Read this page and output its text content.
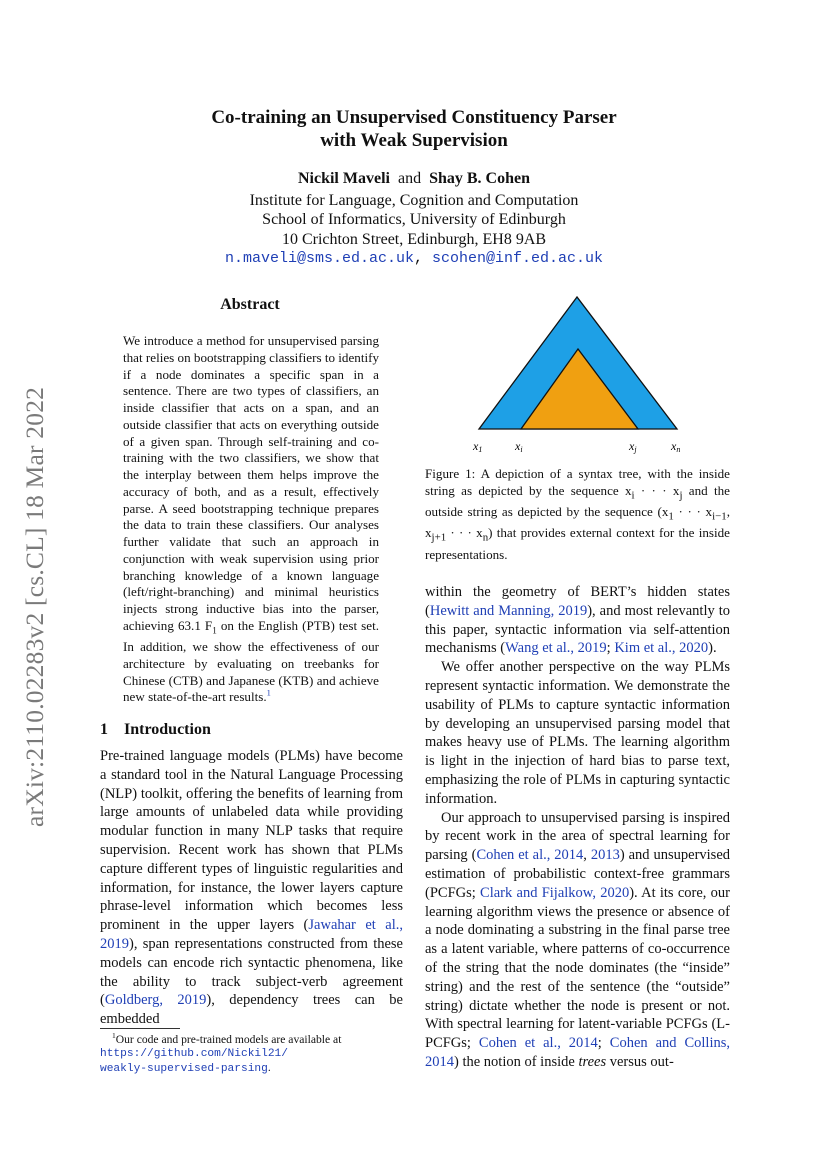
arXiv:2110.02283v2 [cs.CL] 18 Mar 2022
Co-training an Unsupervised Constituency Parser
with Weak Supervision
Nickil Maveli and Shay B. Cohen
Institute for Language, Cognition and Computation
School of Informatics, University of Edinburgh
10 Crichton Street, Edinburgh, EH8 9AB
n.maveli@sms.ed.ac.uk, scohen@inf.ed.ac.uk
Abstract
We introduce a method for unsupervised parsing that relies on bootstrapping classifiers to identify if a node dominates a specific span in a sentence. There are two types of classifiers, an inside classifier that acts on a span, and an outside classifier that acts on everything outside of a given span. Through self-training and co-training with the two classifiers, we show that the interplay between them helps improve the accuracy of both, and as a result, effectively parse. A seed bootstrapping technique prepares the data to train these classifiers. Our analyses further validate that such an approach in conjunction with weak supervision using prior branching knowledge of a known language (left/right-branching) and minimal heuristics injects strong inductive bias into the parser, achieving 63.1 $F_1$ on the English (PTB) test set. In addition, we show the effectiveness of our architecture by evaluating on treebanks for Chinese (CTB) and Japanese (KTB) and achieve new state-of-the-art results.$^1$
1 Introduction
Pre-trained language models (PLMs) have become a standard tool in the Natural Language Processing (NLP) toolkit, offering the benefits of learning from large amounts of unlabeled data while providing modular function in many NLP tasks that require supervision. Recent work has shown that PLMs capture different types of linguistic regularities and information, for instance, the lower layers capture phrase-level information which becomes less prominent in the upper layers (Jawahar et al., 2019), span representations constructed from these models can encode rich syntactic phenomena, like the ability to track subject-verb agreement (Goldberg, 2019), dependency trees can be embedded
$^1$Our code and pre-trained models are available at
https://github.com/Nickil21/
weakly-supervised-parsing.
x1	xi	xj	xn
Figure 1: A depiction of a syntax tree, with the inside string as depicted by the sequence $x_i$ · · · $x_j$ and the outside string as depicted by the sequence ($x_1$ · · · $x_{i-1}$, $x_{j+1}$ · · · $x_n$) that provides external context for the inside representations.

within the geometry of BERT’s hidden states (Hewitt and Manning, 2019), and most relevantly to this paper, syntactic information via self-attention mechanisms (Wang et al., 2019; Kim et al., 2020).

We offer another perspective on the way PLMs represent syntactic information. We demonstrate the usability of PLMs to capture syntactic information by developing an unsupervised parsing model that makes heavy use of PLMs. The learning algorithm is light in the injection of hard bias to parse text, emphasizing the role of PLMs in capturing syntactic information.

Our approach to unsupervised parsing is inspired by recent work in the area of spectral learning for parsing (Cohen et al., 2014, 2013) and unsupervised estimation of probabilistic context-free grammars (PCFGs; Clark and Fijalkow, 2020). At its core, our learning algorithm views the presence or absence of a node dominating a substring in the final parse tree as a latent variable, where patterns of co-occurrence of the string that the node dominates (the “inside” string) and the rest of the sentence (the “outside” string) dictate whether the node is present or not. With spectral learning for latent-variable PCFGs (L-PCFGs; Cohen et al., 2014; Cohen and Collins, 2014) the notion of inside trees versus out-
